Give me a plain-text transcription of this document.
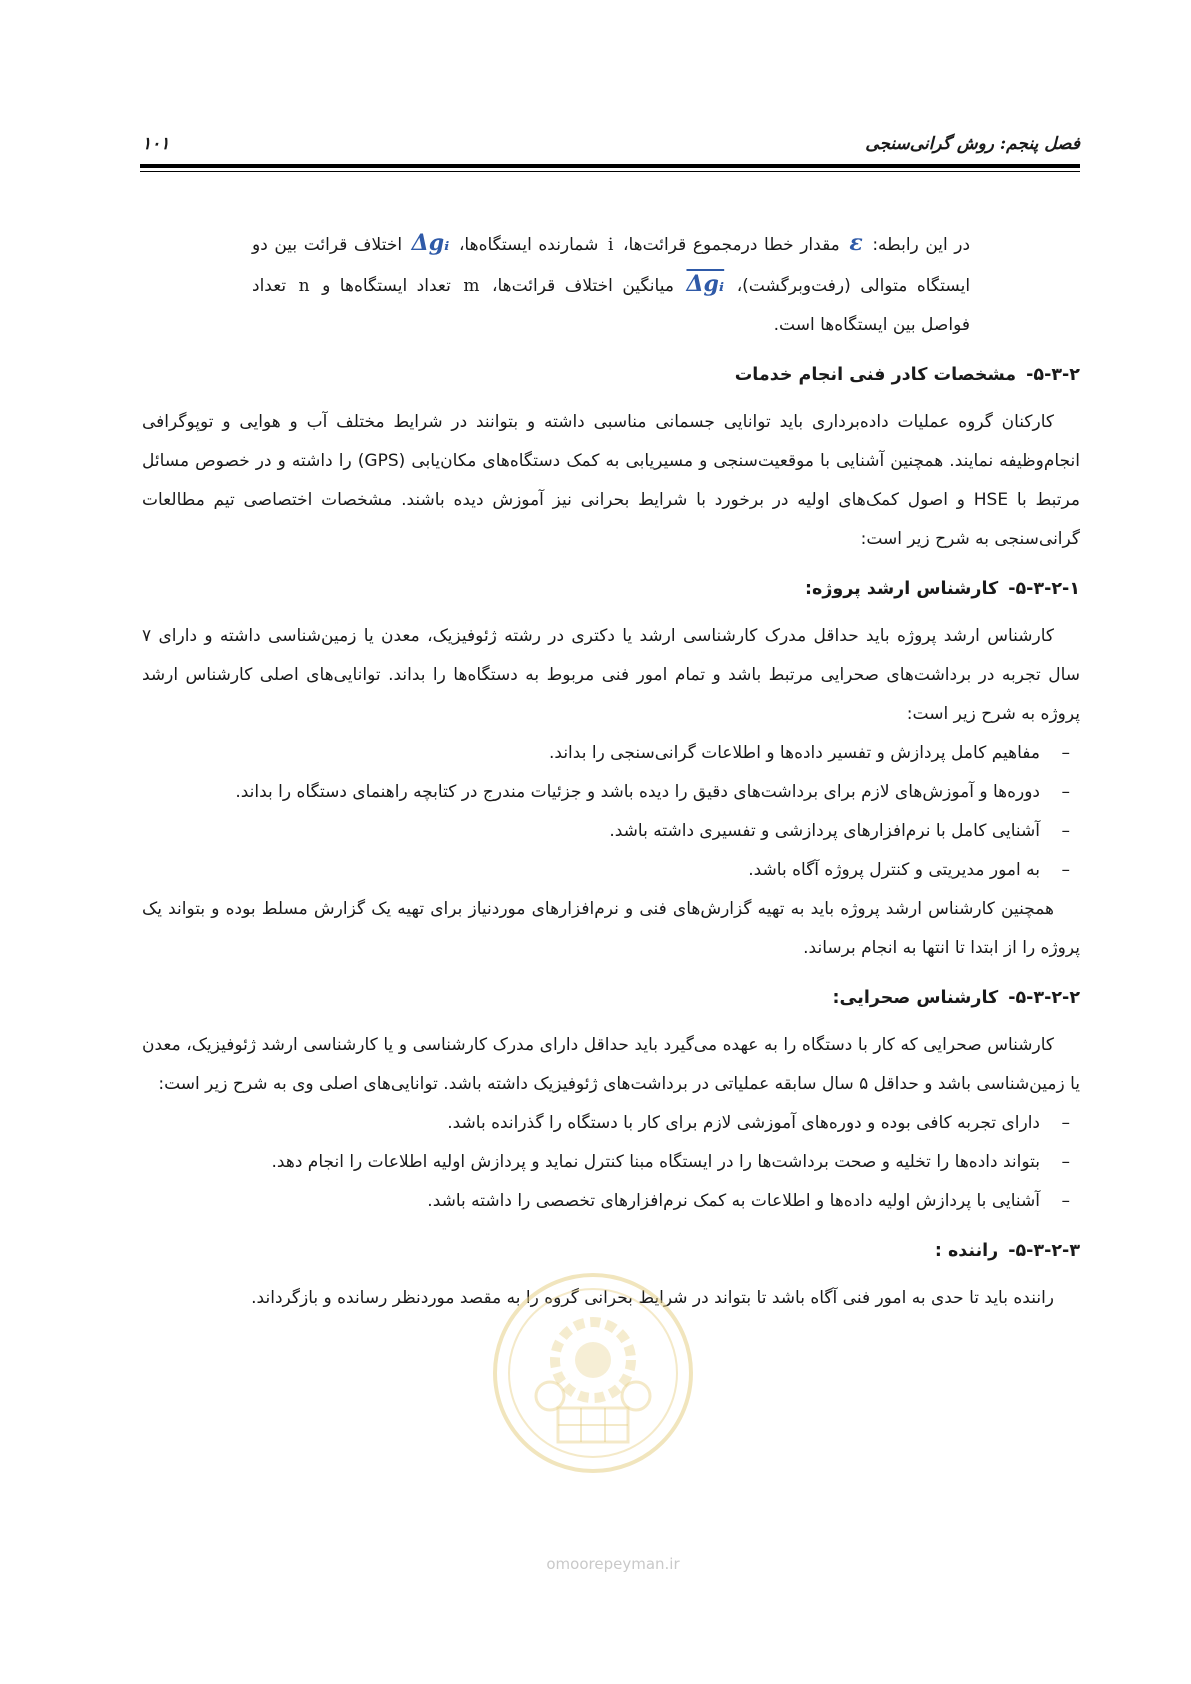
فصل پنجم: روش گرانی‌سنجی
۱۰۱

در این رابطه: ε مقدار خطا درمجموع قرائت‌ها، i شمارنده ایستگاه‌ها، Δgᵢ اختلاف قرائت بین دو ایستگاه متوالی (رفت‌وبرگشت)، Δgᵢ میانگین اختلاف قرائت‌ها، m تعداد ایستگاه‌ها و n تعداد فواصل بین ایستگاه‌ها است.

۵-۳-۲-مشخصات کادر فنی انجام خدمات

کارکنان گروه عملیات داده‌برداری باید توانایی جسمانی مناسبی داشته و بتوانند در شرایط مختلف آب و هوایی و توپوگرافی انجام‌وظیفه نمایند. همچنین آشنایی با موقعیت‌سنجی و مسیریابی به کمک دستگاه‌های مکان‌یابی (GPS) را داشته و در خصوص مسائل مرتبط با HSE و اصول کمک‌های اولیه در برخورد با شرایط بحرانی نیز آموزش دیده باشند. مشخصات اختصاصی تیم مطالعات گرانی‌سنجی به شرح زیر است:

۵-۳-۲-۱-کارشناس ارشد پروژه:

کارشناس ارشد پروژه باید حداقل مدرک کارشناسی ارشد یا دکتری در رشته ژئوفیزیک، معدن یا زمین‌شناسی داشته و دارای ۷ سال تجربه در برداشت‌های صحرایی مرتبط باشد و تمام امور فنی مربوط به دستگاه‌ها را بداند. توانایی‌های اصلی کارشناس ارشد پروژه به شرح زیر است:

– مفاهیم کامل پردازش و تفسیر داده‌ها و اطلاعات گرانی‌سنجی را بداند.
– دوره‌ها و آموزش‌های لازم برای برداشت‌های دقیق را دیده باشد و جزئیات مندرج در کتابچه راهنمای دستگاه را بداند.
– آشنایی کامل با نرم‌افزارهای پردازشی و تفسیری داشته باشد.
– به امور مدیریتی و کنترل پروژه آگاه باشد.

همچنین کارشناس ارشد پروژه باید به تهیه گزارش‌های فنی و نرم‌افزارهای موردنیاز برای تهیه یک گزارش مسلط بوده و بتواند یک پروژه را از ابتدا تا انتها به انجام برساند.

۵-۳-۲-۲-کارشناس صحرایی:

کارشناس صحرایی که کار با دستگاه را به عهده می‌گیرد باید حداقل دارای مدرک کارشناسی و یا کارشناسی ارشد ژئوفیزیک، معدن یا زمین‌شناسی باشد و حداقل ۵ سال سابقه عملیاتی در برداشت‌های ژئوفیزیک داشته باشد. توانایی‌های اصلی وی به شرح زیر است:

– دارای تجربه کافی بوده و دوره‌های آموزشی لازم برای کار با دستگاه را گذرانده باشد.
– بتواند داده‌ها را تخلیه و صحت برداشت‌ها را در ایستگاه مبنا کنترل نماید و پردازش اولیه اطلاعات را انجام دهد.
– آشنایی با پردازش اولیه داده‌ها و اطلاعات به کمک نرم‌افزارهای تخصصی را داشته باشد.
۵-۳-۲-۳-راننده :

راننده باید تا حدی به امور فنی آگاه باشد تا بتواند در شرایط بحرانی گروه را به مقصد موردنظر رسانده و بازگرداند.

omoorepeyman.ir
